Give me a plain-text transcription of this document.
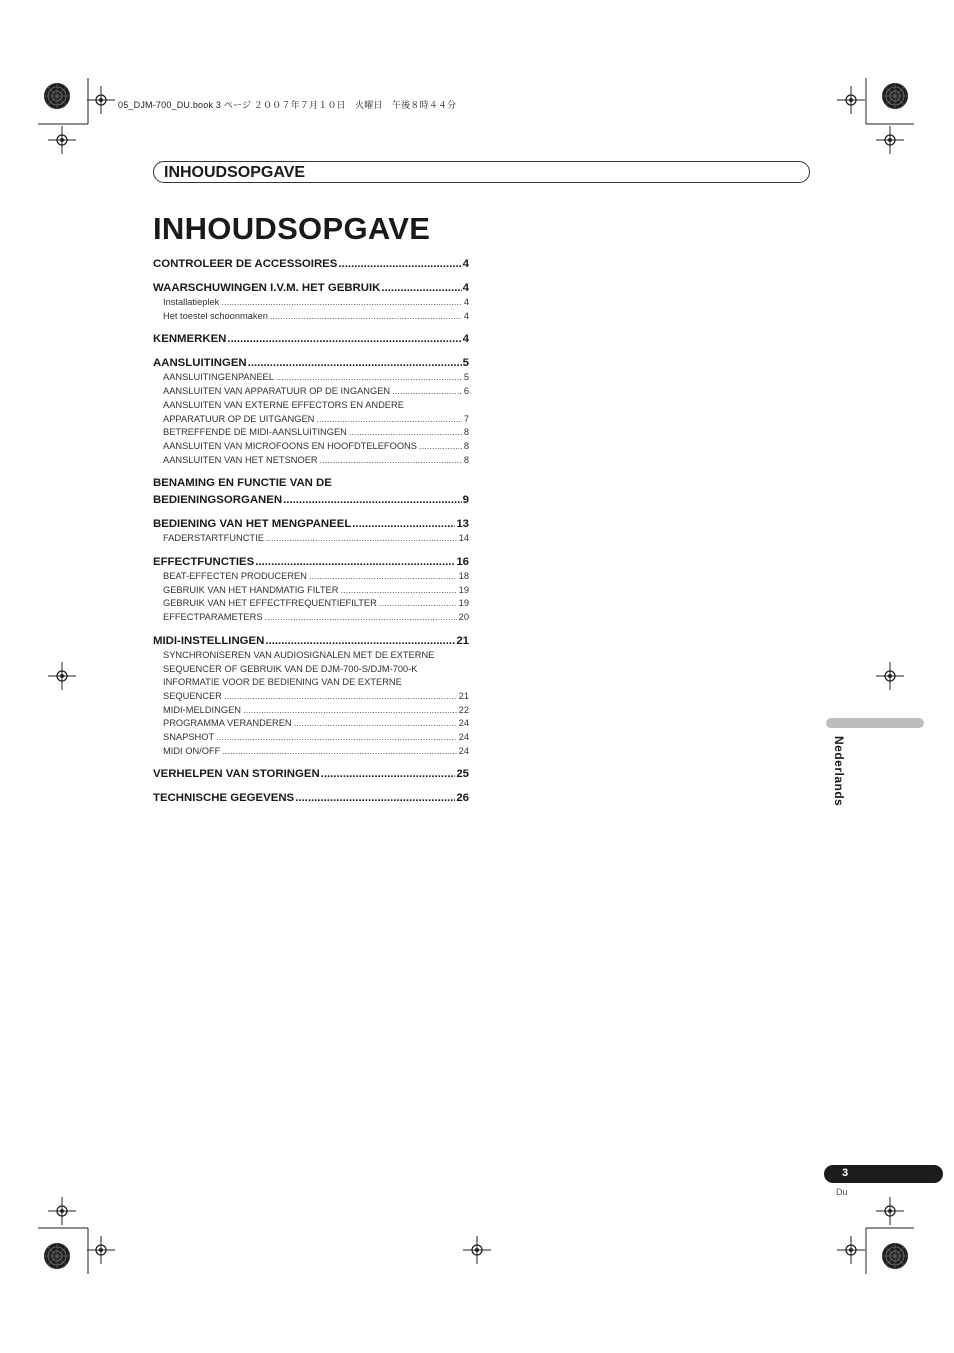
05_DJM-700_DU.book 3 ページ ２００７年７月１０日　火曜日　午後８時４４分
INHOUDSOPGAVE
INHOUDSOPGAVE
CONTROLEER DE ACCESSOIRES .....	4
WAARSCHUWINGEN I.V.M. HET GEBRUIK .....	4
Installatieplek .....	4
Het toestel schoonmaken .....	4
KENMERKEN .....	4
AANSLUITINGEN .....	5
AANSLUITINGENPANEEL .....	5
AANSLUITEN VAN APPARATUUR OP DE INGANGEN .....	6
AANSLUITEN VAN EXTERNE EFFECTORS EN ANDERE
APPARATUUR OP DE UITGANGEN .....	7
BETREFFENDE DE MIDI-AANSLUITINGEN .....	8
AANSLUITEN VAN MICROFOONS EN HOOFDTELEFOONS .....	8
AANSLUITEN VAN HET NETSNOER .....	8
BENAMING EN FUNCTIE VAN DE
BEDIENINGSORGANEN .....	9
BEDIENING VAN HET MENGPANEEL .....	13
FADERSTARTFUNCTIE .....	14
EFFECTFUNCTIES .....	16
BEAT-EFFECTEN PRODUCEREN .....	18
GEBRUIK VAN HET HANDMATIG FILTER .....	19
GEBRUIK VAN HET EFFECTFREQUENTIEFILTER .....	19
EFFECTPARAMETERS .....	20
MIDI-INSTELLINGEN .....	21
SYNCHRONISEREN VAN AUDIOSIGNALEN MET DE EXTERNE
SEQUENCER OF GEBRUIK VAN DE DJM-700-S/DJM-700-K
INFORMATIE VOOR DE BEDIENING VAN DE EXTERNE
SEQUENCER .....	21
MIDI-MELDINGEN .....	22
PROGRAMMA VERANDEREN .....	24
SNAPSHOT .....	24
MIDI ON/OFF .....	24
VERHELPEN VAN STORINGEN .....	25
TECHNISCHE GEGEVENS .....	26	Nederlands
3
Du
